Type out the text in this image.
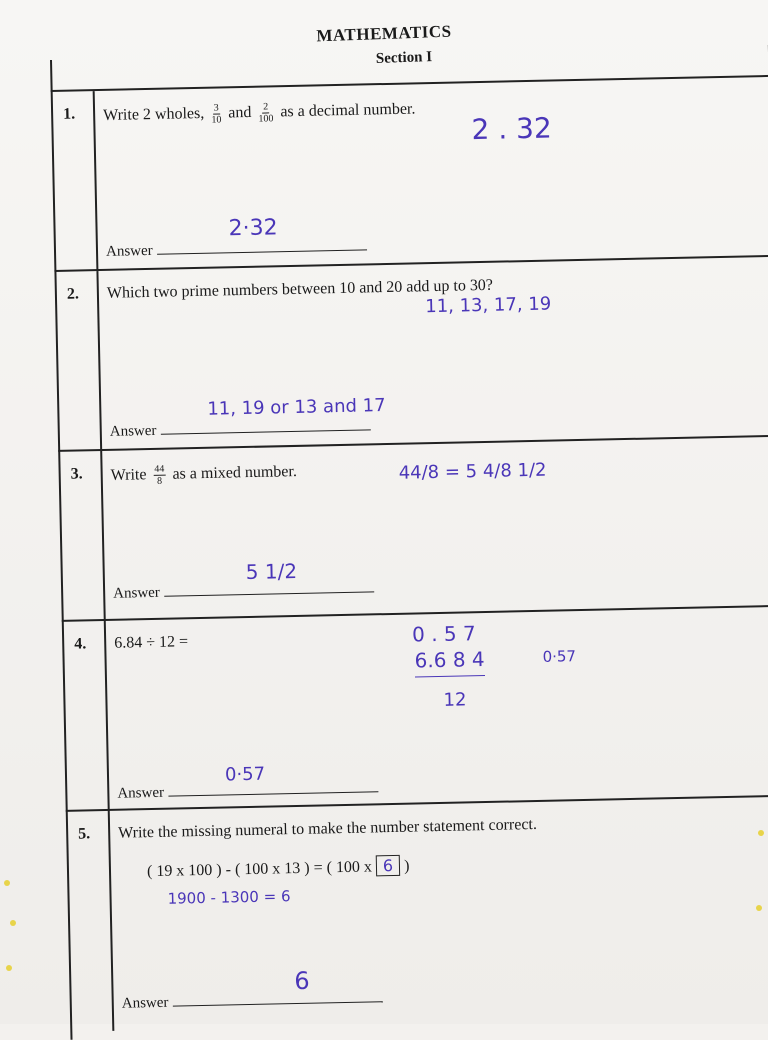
MATHEMATICS
Section I
1. Write 2 wholes, $\frac{3}{10}$ and $\frac{2}{100}$ as a decimal number.
2 . 32
Answer
2·32
2. Which two prime numbers between 10 and 20 add up to 30?
11, 13, 17, 19
Answer
11, 19 or 13 and 17
3. Write $\frac{44}{8}$ as a mixed number.	44/8 = 5 4/8 1/2
Answer
5 1/2
4. 6.84 ÷ 12 =	0 . 5 7
6.6 8 4
12
0·57
Answer
0·57
5. Write the missing numeral to make the number statement correct.
( 19 x 100 ) - ( 100 x 13 ) = ( 100 x 6 )
1900 - 1300 = 6
Answer
6
